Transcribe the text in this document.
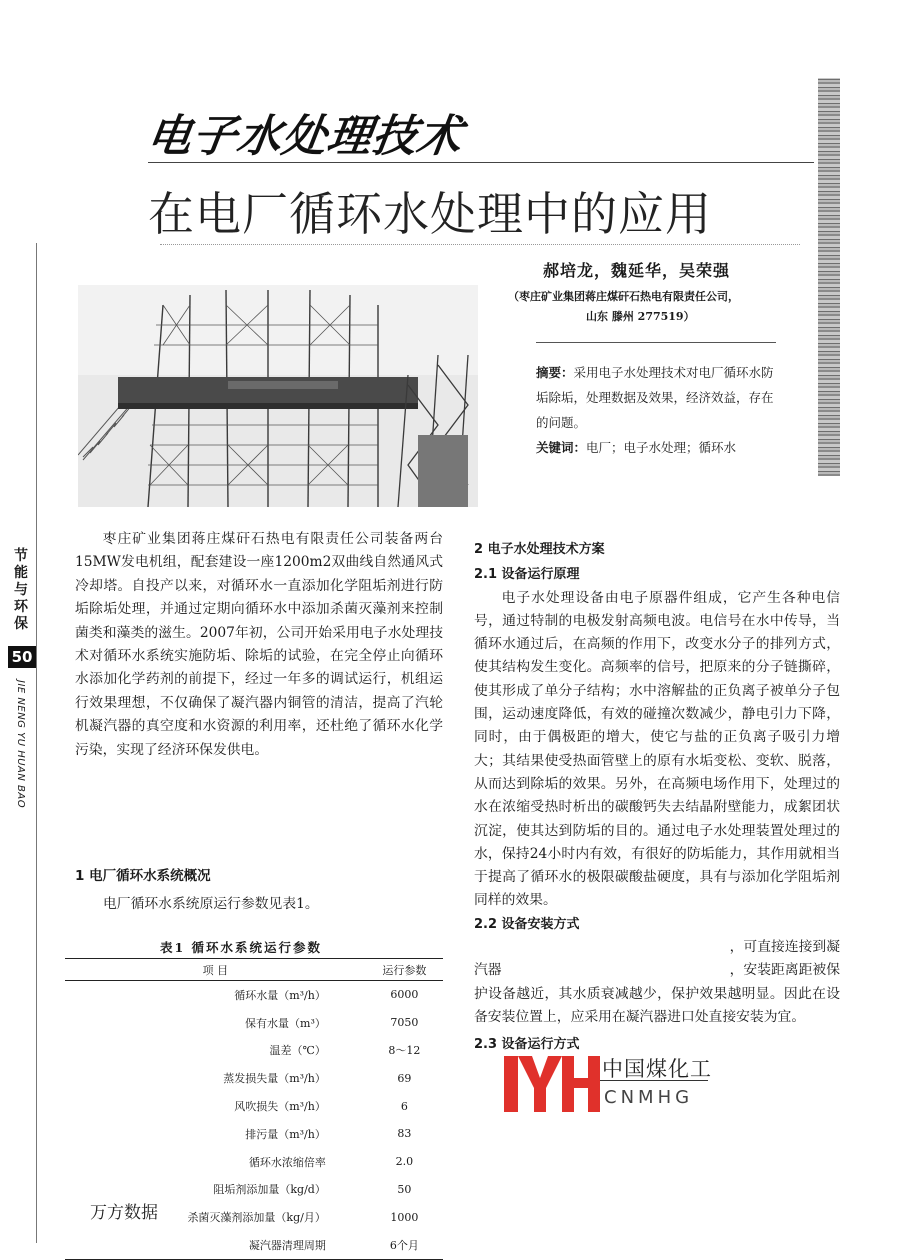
电子水处理技术
在电厂循环水处理中的应用
郝培龙，魏延华，吴荣强
（枣庄矿业集团蒋庄煤矸石热电有限责任公司，
山东 滕州 277519）
摘要：采用电子水处理技术对电厂循环水防垢除垢，处理数据及效果，经济效益，存在的问题。
关键词：电厂；电子水处理；循环水
节能与环保
50
JIE NENG YU HUAN BAO

枣庄矿业集团蒋庄煤矸石热电有限责任公司装备两台15MW发电机组，配套建设一座1200m2双曲线自然通风式冷却塔。自投产以来，对循环水一直添加化学阻垢剂进行防垢除垢处理，并通过定期向循环水中添加杀菌灭藻剂来控制菌类和藻类的滋生。2007年初，公司开始采用电子水处理技术对循环水系统实施防垢、除垢的试验，在完全停止向循环水添加化学药剂的前提下，经过一年多的调试运行，机组运行效果理想，不仅确保了凝汽器内铜管的清洁，提高了汽轮机凝汽器的真空度和水资源的利用率，还杜绝了循环水化学污染，实现了经济环保发供电。

1 电厂循环水系统概况
电厂循环水系统原运行参数见表1。
表1 循环水系统运行参数
项 目	运行参数
循环水量（m³/h）	6000
保有水量（m³）	7050
温差（℃）	8～12
蒸发损失量（m³/h）	69
风吹损失（m³/h）	6
排污量（m³/h）	83
循环水浓缩倍率	2.0
阻垢剂添加量（kg/d）	50
杀菌灭藻剂添加量（kg/月）	1000
凝汽器清理周期	6个月
万方数据

2 电子水处理技术方案

2.1 设备运行原理

电子水处理设备由电子原器件组成，它产生各种电信号，通过特制的电极发射高频电波。电信号在水中传导，当循环水通过后，在高频的作用下，改变水分子的排列方式，使其结构发生变化。高频率的信号，把原来的分子链撕碎，使其形成了单分子结构；水中溶解盐的正负离子被单分子包围，运动速度降低，有效的碰撞次数减少，静电引力下降，同时，由于偶极距的增大，使它与盐的正负离子吸引力增大；其结果使受热面管壁上的原有水垢变松、变软、脱落，从而达到除垢的效果。另外，在高频电场作用下，处理过的水在浓缩受热时析出的碳酸钙失去结晶附壁能力，成絮团状沉淀，使其达到防垢的目的。通过电子水处理装置处理过的水，保持24小时内有效，有很好的防垢能力，其作用就相当于提高了循环水的极限碳酸盐硬度，具有与添加化学阻垢剂同样的效果。

2.2 设备安装方式

，可直接连接到凝
汽器	，安装距离距被保

护设备越近，其水质衰减越少，保护效果越明显。因此在设备安装位置上，应采用在凝汽器进口处直接安装为宜。

2.3 设备运行方式

中国煤化工
CNMHG
